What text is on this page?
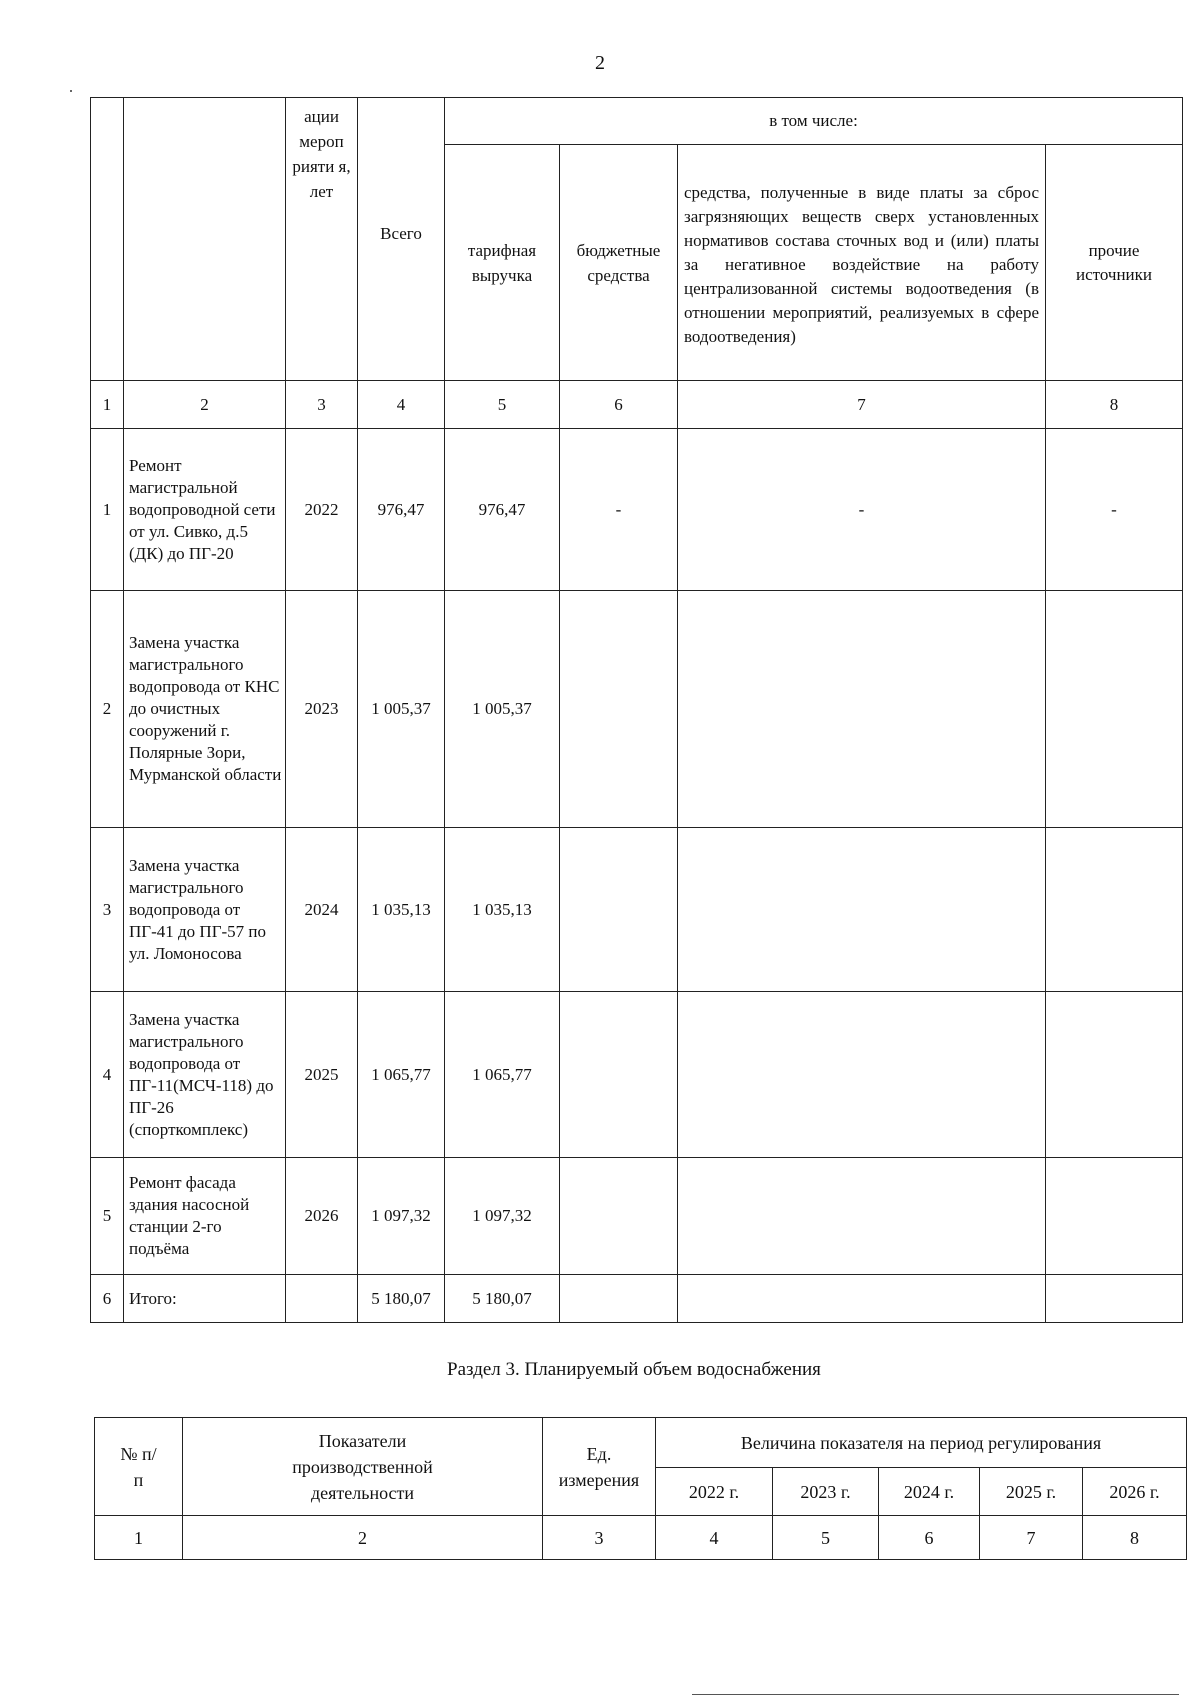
2
		ации мероп рияти я, лет	Всего	в том числе:			
				тарифная выручка	бюджетные средства	средства, полученные в виде платы за сброс загрязняющих веществ сверх установленных нормативов состава сточных вод и (или) платы за негативное воздействие на работу централизованной системы водоотведения (в отношении мероприятий, реализуемых в сфере водоотведения)	прочие источники
1	2	3	4	5	6	7	8
1	Ремонт магистральной водопроводной сети от ул. Сивко, д.5 (ДК) до ПГ-20	2022	976,47	976,47	-	-	-
2	Замена участка магистрального водопровода от КНС до очистных сооружений г. Полярные Зори, Мурманской области	2023	1 005,37	1 005,37			
3	Замена участка магистрального водопровода от ПГ-41 до ПГ-57 по ул. Ломоносова	2024	1 035,13	1 035,13			
4	Замена участка магистрального водопровода от ПГ-11(МСЧ-118) до ПГ-26 (спорткомплекс)	2025	1 065,77	1 065,77			
5	Ремонт фасада здания насосной станции 2-го подъёма	2026	1 097,32	1 097,32			
6	Итого:		5 180,07	5 180,07			
Раздел 3. Планируемый объем водоснабжения
№ п/п	Показатели производственной деятельности	Ед. измерения	Величина показателя на период регулирования				
			2022 г.	2023 г.	2024 г.	2025 г.	2026 г.
1	2	3	4	5	6	7	8
